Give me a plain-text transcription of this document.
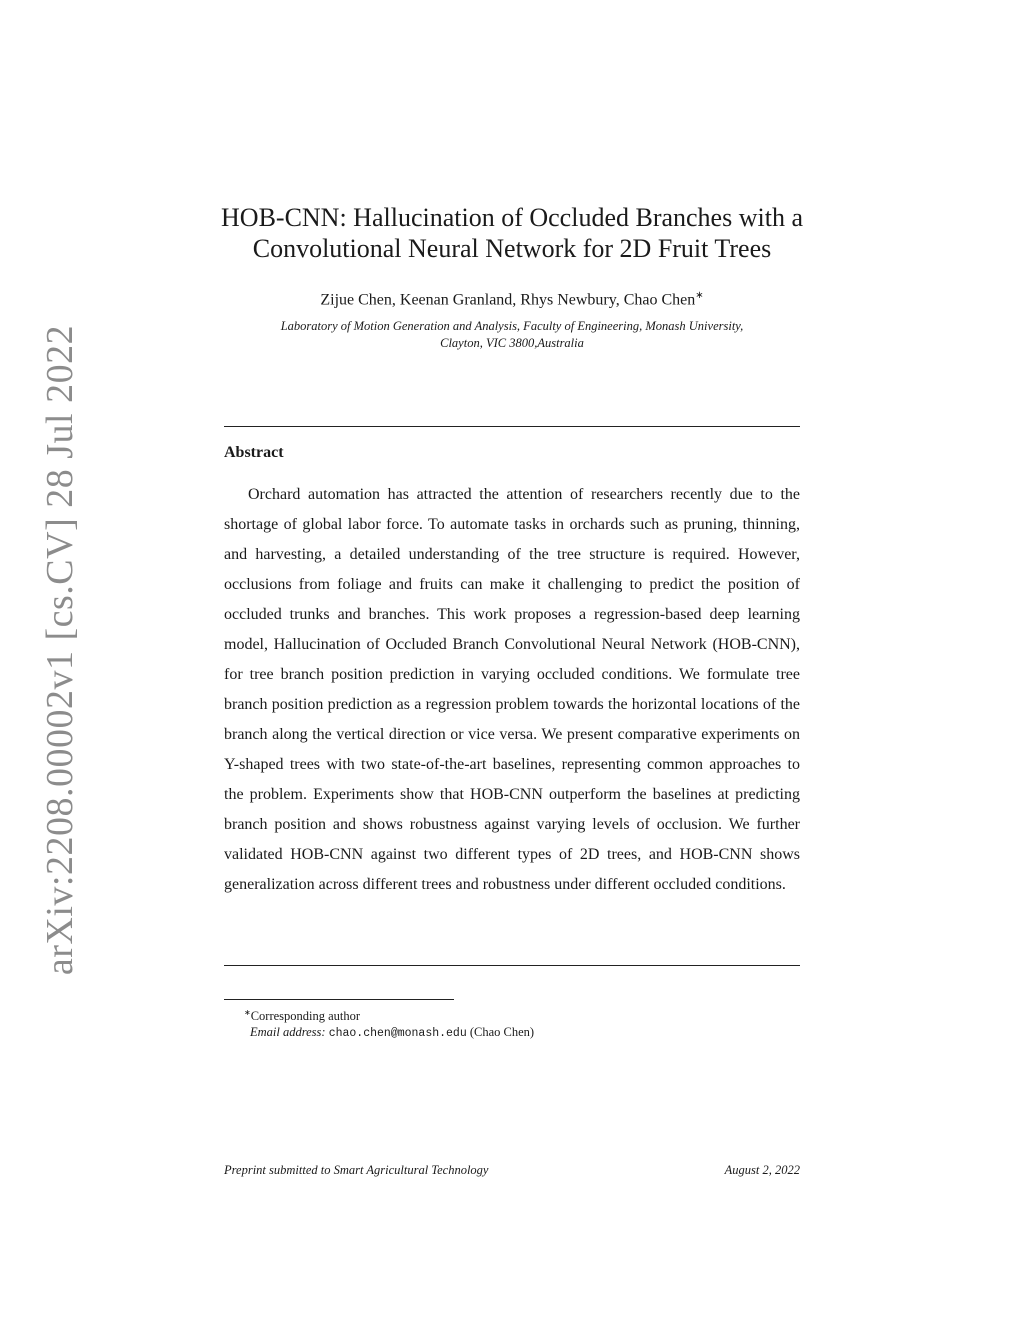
arXiv:2208.00002v1 [cs.CV] 28 Jul 2022
HOB-CNN: Hallucination of Occluded Branches with a
Convolutional Neural Network for 2D Fruit Trees
Zijue Chen, Keenan Granland, Rhys Newbury, Chao Chen∗
Laboratory of Motion Generation and Analysis, Faculty of Engineering, Monash University,
Clayton, VIC 3800,Australia
Abstract
Orchard automation has attracted the attention of researchers recently due to the shortage of global labor force. To automate tasks in orchards such as pruning, thinning, and harvesting, a detailed understanding of the tree structure is required. However, occlusions from foliage and fruits can make it challenging to predict the position of occluded trunks and branches. This work proposes a regression-based deep learning model, Hallucination of Occluded Branch Convolutional Neural Network (HOB-CNN), for tree branch position prediction in varying occluded conditions. We formulate tree branch position prediction as a regression problem towards the horizontal locations of the branch along the vertical direction or vice versa. We present comparative experiments on Y-shaped trees with two state-of-the-art baselines, representing common approaches to the problem. Experiments show that HOB-CNN outperform the baselines at predicting branch position and shows robustness against varying levels of occlusion. We further validated HOB-CNN against two different types of 2D trees, and HOB-CNN shows generalization across different trees and robustness under different occluded conditions.
∗Corresponding author
Email address: chao.chen@monash.edu (Chao Chen)
Preprint submitted to Smart Agricultural Technology	August 2, 2022
